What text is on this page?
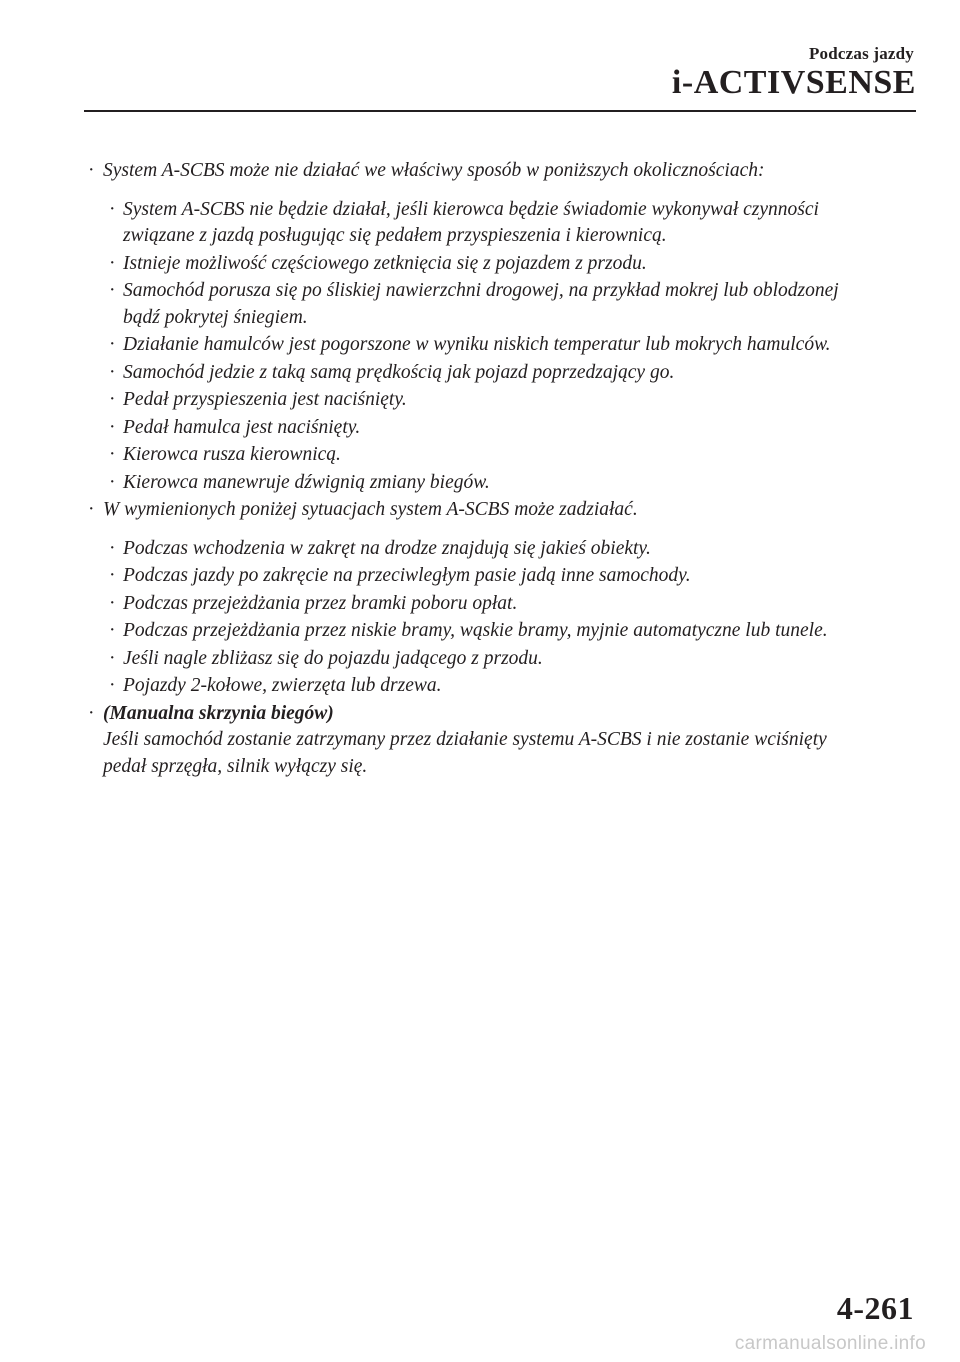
Podczas jazdy
i-ACTIVSENSE
· System A-SCBS może nie działać we właściwy sposób w poniższych okolicznościach:
· System A-SCBS nie będzie działał, jeśli kierowca będzie świadomie wykonywał czynności związane z jazdą posługując się pedałem przyspieszenia i kierownicą.
· Istnieje możliwość częściowego zetknięcia się z pojazdem z przodu.
· Samochód porusza się po śliskiej nawierzchni drogowej, na przykład mokrej lub oblodzonej bądź pokrytej śniegiem.
· Działanie hamulców jest pogorszone w wyniku niskich temperatur lub mokrych hamulców.
· Samochód jedzie z taką samą prędkością jak pojazd poprzedzający go.
· Pedał przyspieszenia jest naciśnięty.
· Pedał hamulca jest naciśnięty.
· Kierowca rusza kierownicą.
· Kierowca manewruje dźwignią zmiany biegów.
· W wymienionych poniżej sytuacjach system A-SCBS może zadziałać.
· Podczas wchodzenia w zakręt na drodze znajdują się jakieś obiekty.
· Podczas jazdy po zakręcie na przeciwległym pasie jadą inne samochody.
· Podczas przejeżdżania przez bramki poboru opłat.
· Podczas przejeżdżania przez niskie bramy, wąskie bramy, myjnie automatyczne lub tunele.
· Jeśli nagle zbliżasz się do pojazdu jadącego z przodu.
· Pojazdy 2-kołowe, zwierzęta lub drzewa.
· (Manualna skrzynia biegów)
Jeśli samochód zostanie zatrzymany przez działanie systemu A-SCBS i nie zostanie wciśnięty pedał sprzęgła, silnik wyłączy się.
4-261
carmanualsonline.info
